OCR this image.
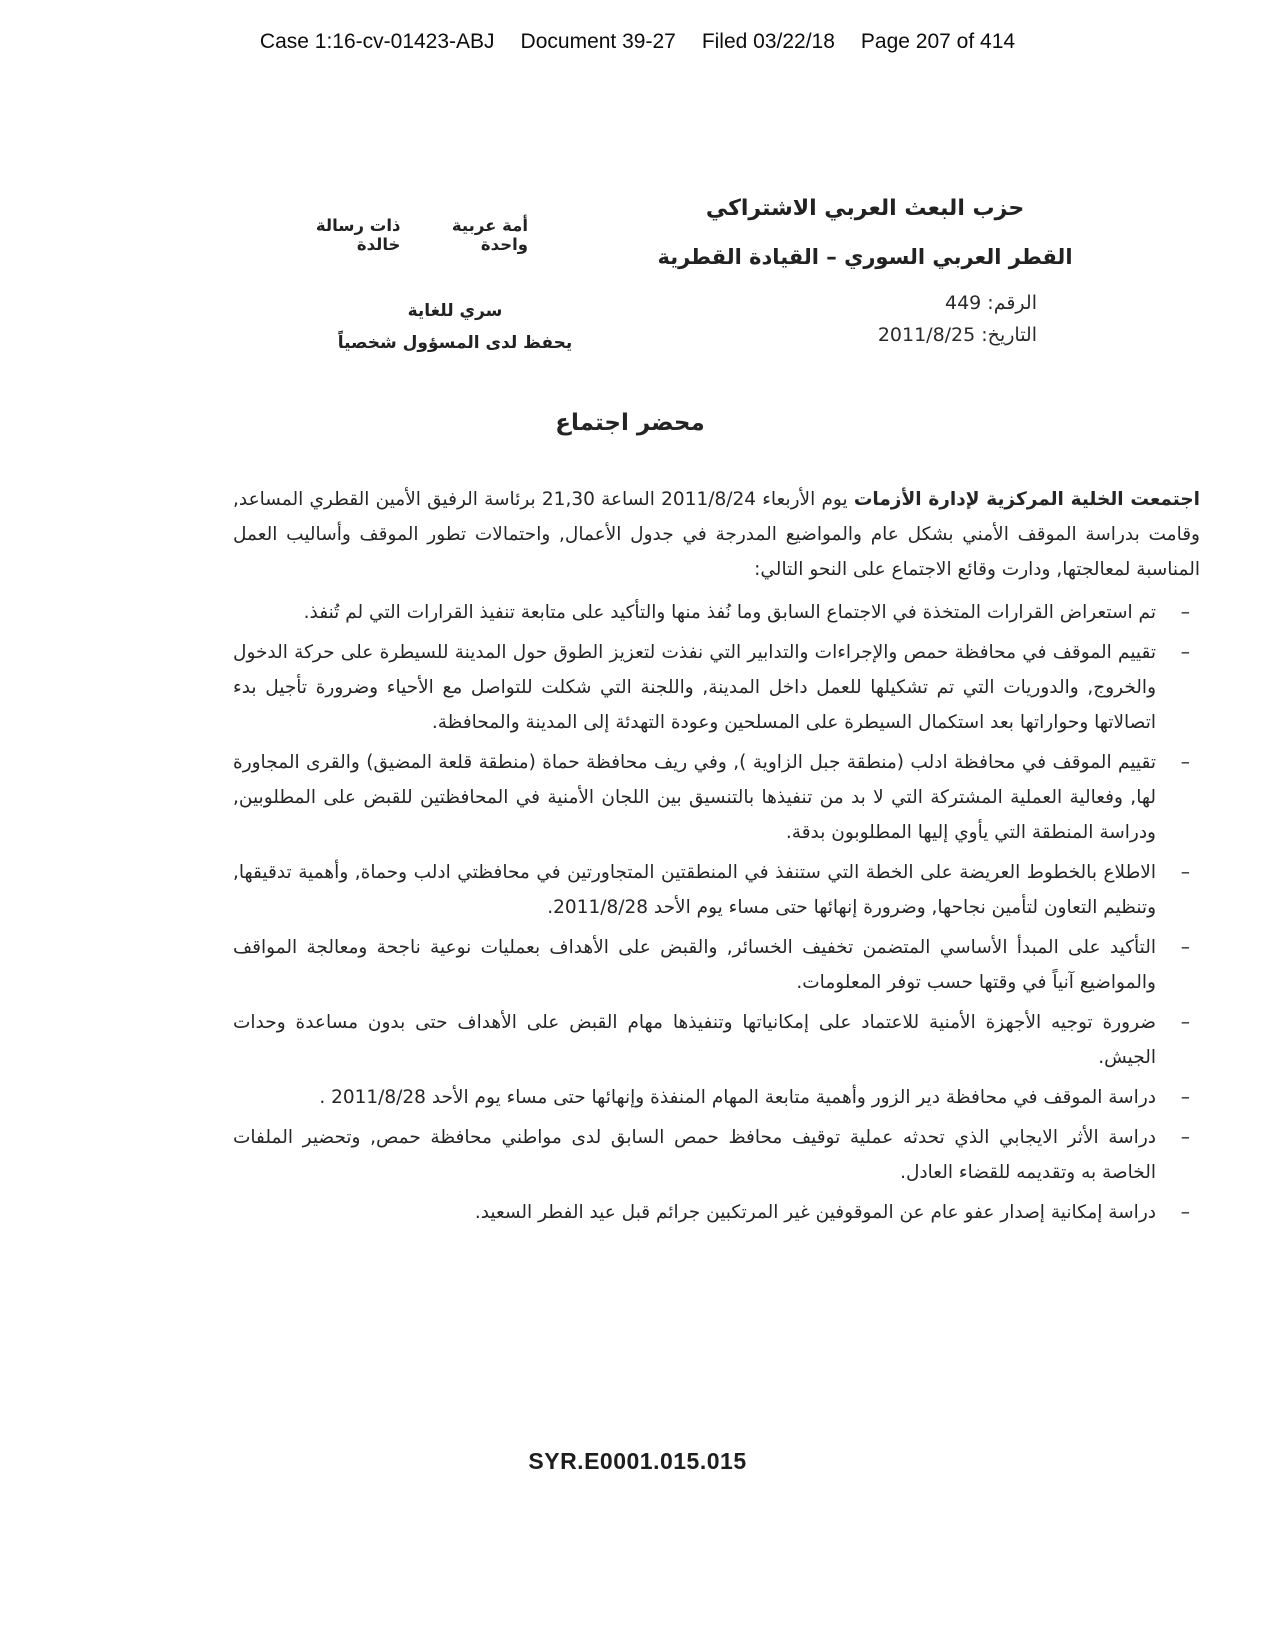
Case 1:16-cv-01423-ABJ Document 39-27 Filed 03/22/18 Page 207 of 414
حزب البعث العربي الاشتراكي
القطر العربي السوري – القيادة القطرية
الرقم: 449
التاريخ: 2011/8/25
أمة عربية واحدة
ذات رسالة خالدة
سري للغاية
يحفظ لدى المسؤول شخصياً
محضر اجتماع

اجتمعت الخلية المركزية لإدارة الأزمات يوم الأربعاء 2011/8/24 الساعة 21,30 برئاسة الرفيق الأمين القطري المساعد, وقامت بدراسة الموقف الأمني بشكل عام والمواضيع المدرجة في جدول الأعمال, واحتمالات تطور الموقف وأساليب العمل المناسبة لمعالجتها, ودارت وقائع الاجتماع على النحو التالي:

–
تم استعراض القرارات المتخذة في الاجتماع السابق وما نُفذ منها والتأكيد على متابعة تنفيذ القرارات التي لم تُنفذ.
–
تقييم الموقف في محافظة حمص والإجراءات والتدابير التي نفذت لتعزيز الطوق حول المدينة للسيطرة على حركة الدخول والخروج, والدوريات التي تم تشكيلها للعمل داخل المدينة, واللجنة التي شكلت للتواصل مع الأحياء وضرورة تأجيل بدء اتصالاتها وحواراتها بعد استكمال السيطرة على المسلحين وعودة التهدئة إلى المدينة والمحافظة.
–
تقييم الموقف في محافظة ادلب (منطقة جبل الزاوية ), وفي ريف محافظة حماة (منطقة قلعة المضيق) والقرى المجاورة لها, وفعالية العملية المشتركة التي لا بد من تنفيذها بالتنسيق بين اللجان الأمنية في المحافظتين للقبض على المطلوبين, ودراسة المنطقة التي يأوي إليها المطلوبون بدقة.
–
الاطلاع بالخطوط العريضة على الخطة التي ستنفذ في المنطقتين المتجاورتين في محافظتي ادلب وحماة, وأهمية تدقيقها, وتنظيم التعاون لتأمين نجاحها, وضرورة إنهائها حتى مساء يوم الأحد 2011/8/28.
–
التأكيد على المبدأ الأساسي المتضمن تخفيف الخسائر, والقبض على الأهداف بعمليات نوعية ناجحة ومعالجة المواقف والمواضيع آنياً في وقتها حسب توفر المعلومات.
–
ضرورة توجيه الأجهزة الأمنية للاعتماد على إمكانياتها وتنفيذها مهام القبض على الأهداف حتى بدون مساعدة وحدات الجيش.
–
دراسة الموقف في محافظة دير الزور وأهمية متابعة المهام المنفذة وإنهائها حتى مساء يوم الأحد 2011/8/28 .
–
دراسة الأثر الايجابي الذي تحدثه عملية توقيف محافظ حمص السابق لدى مواطني محافظة حمص, وتحضير الملفات الخاصة به وتقديمه للقضاء العادل.
–
دراسة إمكانية إصدار عفو عام عن الموقوفين غير المرتكبين جرائم قبل عيد الفطر السعيد.
SYR.E0001.015.015
